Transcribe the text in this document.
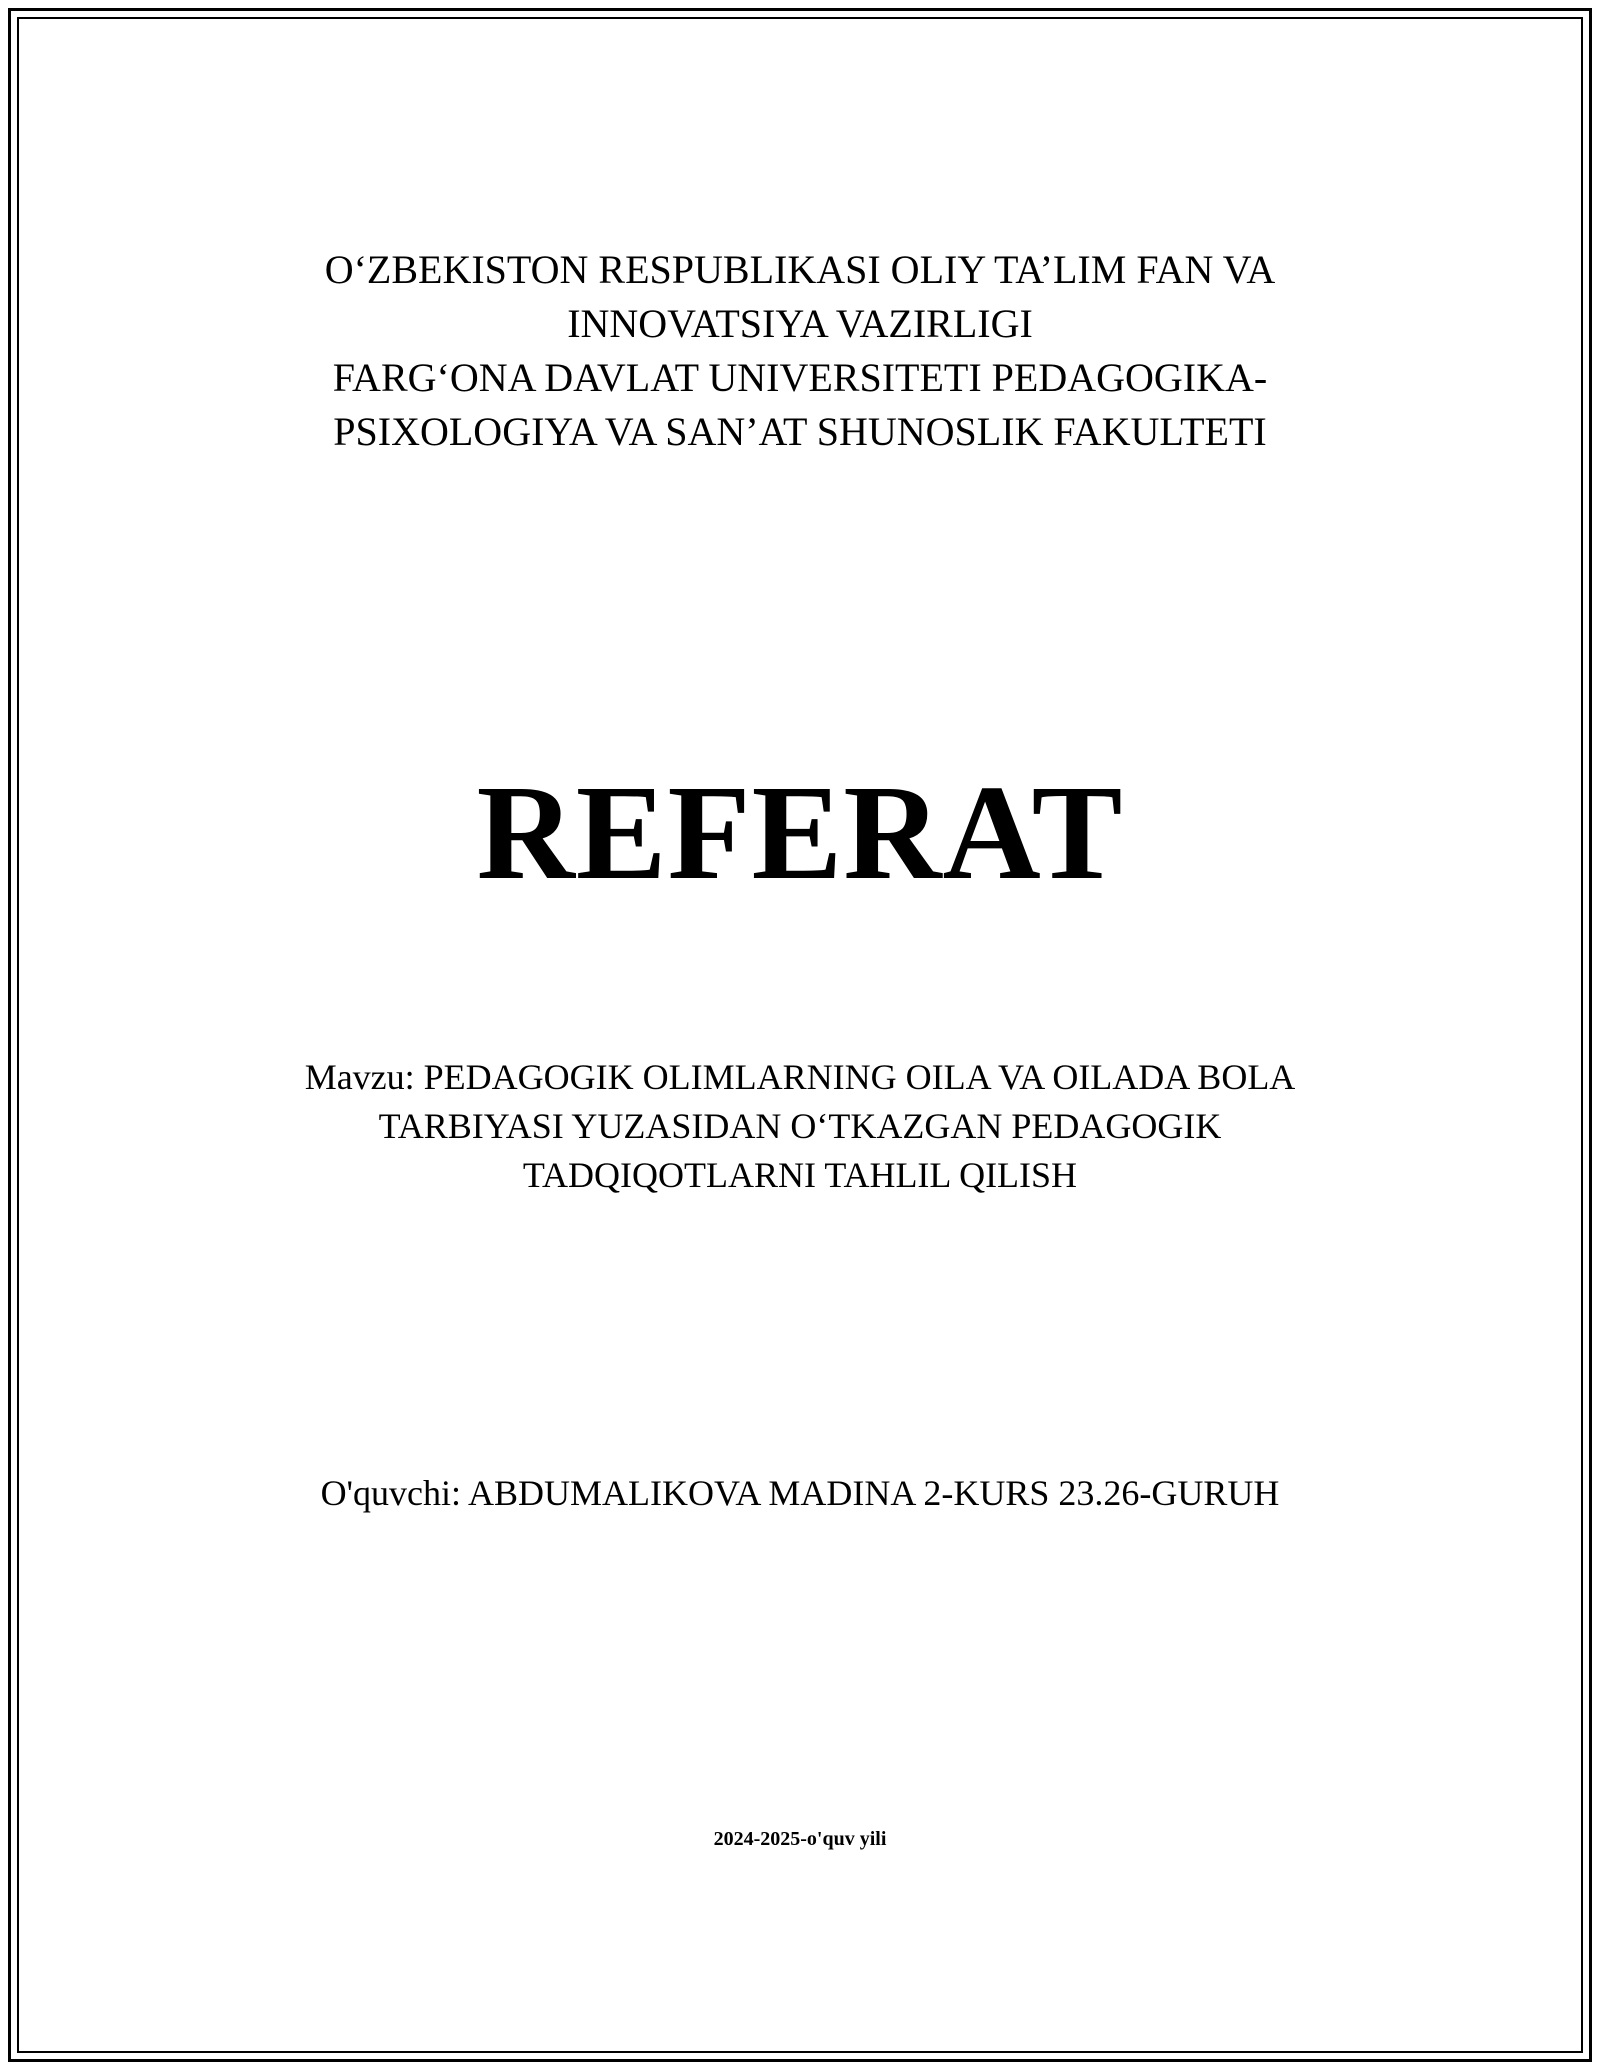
O‘ZBEKISTON RESPUBLIKASI OLIY TA’LIM FAN VA
INNOVATSIYA VAZIRLIGI
FARG‘ONA DAVLAT UNIVERSITETI PEDAGOGIKA-
PSIXOLOGIYA VA SAN’AT SHUNOSLIK FAKULTETI
REFERAT
Mavzu: PEDAGOGIK OLIMLARNING OILA VA OILADA BOLA
TARBIYASI YUZASIDAN O‘TKAZGAN PEDAGOGIK
TADQIQOTLARNI TAHLIL QILISH
O'quvchi: ABDUMALIKOVA MADINA 2-KURS 23.26-GURUH
2024-2025-o'quv yili
